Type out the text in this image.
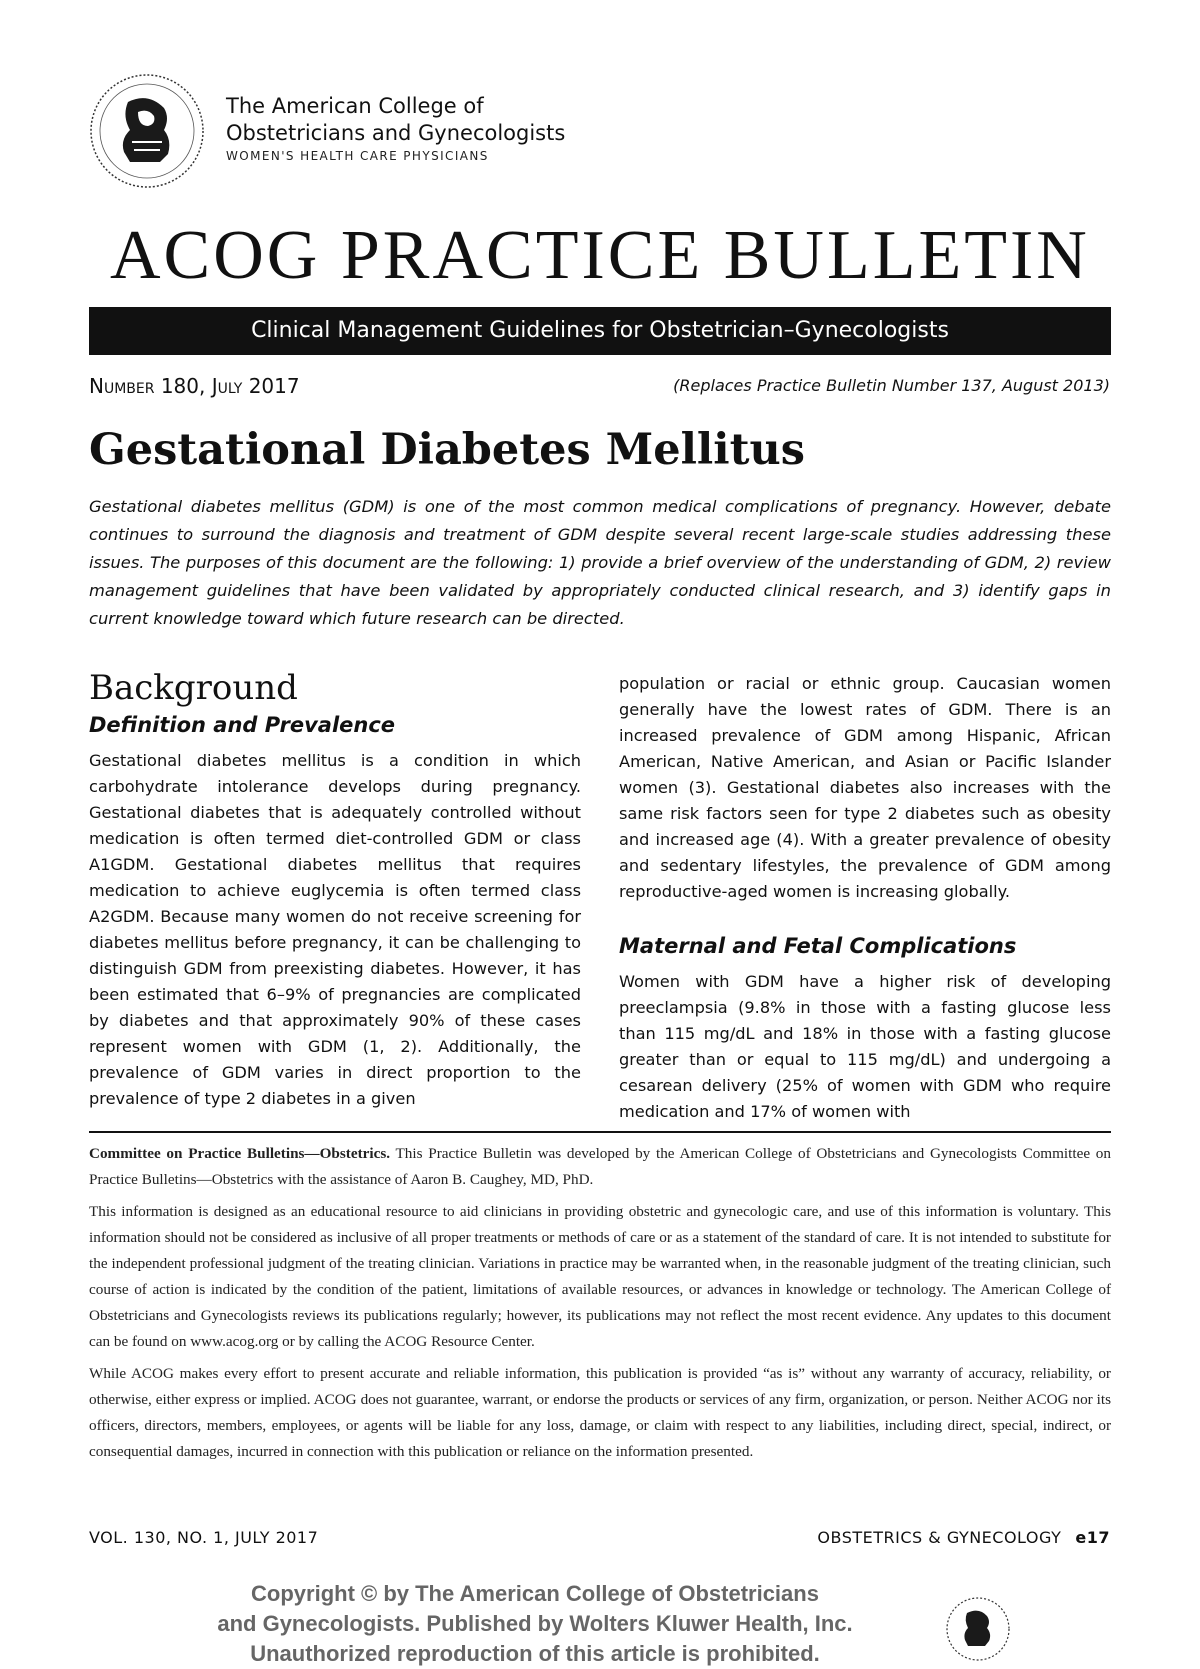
The American College of
Obstetricians and Gynecologists
WOMEN'S HEALTH CARE PHYSICIANS
ACOG PRACTICE BULLETIN
Clinical Management Guidelines for Obstetrician–Gynecologists
Number 180, July 2017	(Replaces Practice Bulletin Number 137, August 2013)
Gestational Diabetes Mellitus

Gestational diabetes mellitus (GDM) is one of the most common medical complications of pregnancy. However, debate continues to surround the diagnosis and treatment of GDM despite several recent large-scale studies addressing these issues. The purposes of this document are the following: 1) provide a brief overview of the understanding of GDM, 2) review management guidelines that have been validated by appropriately conducted clinical research, and 3) identify gaps in current knowledge toward which future research can be directed.

Background
Definition and Prevalence

Gestational diabetes mellitus is a condition in which carbohydrate intolerance develops during pregnancy. Gestational diabetes that is adequately controlled without medication is often termed diet-controlled GDM or class A1GDM. Gestational diabetes mellitus that requires medication to achieve euglycemia is often termed class A2GDM. Because many women do not receive screening for diabetes mellitus before pregnancy, it can be challenging to distinguish GDM from preexisting diabetes. However, it has been estimated that 6–9% of pregnancies are complicated by diabetes and that approximately 90% of these cases represent women with GDM (1, 2). Additionally, the prevalence of GDM varies in direct proportion to the prevalence of type 2 diabetes in a given

population or racial or ethnic group. Caucasian women generally have the lowest rates of GDM. There is an increased prevalence of GDM among Hispanic, African American, Native American, and Asian or Pacific Islander women (3). Gestational diabetes also increases with the same risk factors seen for type 2 diabetes such as obesity and increased age (4). With a greater prevalence of obesity and sedentary lifestyles, the prevalence of GDM among reproductive-aged women is increasing globally.

Maternal and Fetal Complications

Women with GDM have a higher risk of developing preeclampsia (9.8% in those with a fasting glucose less than 115 mg/dL and 18% in those with a fasting glucose greater than or equal to 115 mg/dL) and undergoing a cesarean delivery (25% of women with GDM who require medication and 17% of women with

Committee on Practice Bulletins—Obstetrics. This Practice Bulletin was developed by the American College of Obstetricians and Gynecologists Committee on Practice Bulletins—Obstetrics with the assistance of Aaron B. Caughey, MD, PhD.

This information is designed as an educational resource to aid clinicians in providing obstetric and gynecologic care, and use of this information is voluntary. This information should not be considered as inclusive of all proper treatments or methods of care or as a statement of the standard of care. It is not intended to substitute for the independent professional judgment of the treating clinician. Variations in practice may be warranted when, in the reasonable judgment of the treating clinician, such course of action is indicated by the condition of the patient, limitations of available resources, or advances in knowledge or technology. The American College of Obstetricians and Gynecologists reviews its publications regularly; however, its publications may not reflect the most recent evidence. Any updates to this document can be found on www.acog.org or by calling the ACOG Resource Center.

While ACOG makes every effort to present accurate and reliable information, this publication is provided “as is” without any warranty of accuracy, reliability, or otherwise, either express or implied. ACOG does not guarantee, warrant, or endorse the products or services of any firm, organization, or person. Neither ACOG nor its officers, directors, members, employees, or agents will be liable for any loss, damage, or claim with respect to any liabilities, including direct, special, indirect, or consequential damages, incurred in connection with this publication or reliance on the information presented.

VOL. 130, NO. 1, JULY 2017	OBSTETRICS & GYNECOLOGY e17
Copyright © by The American College of Obstetricians
and Gynecologists. Published by Wolters Kluwer Health, Inc.
Unauthorized reproduction of this article is prohibited.
